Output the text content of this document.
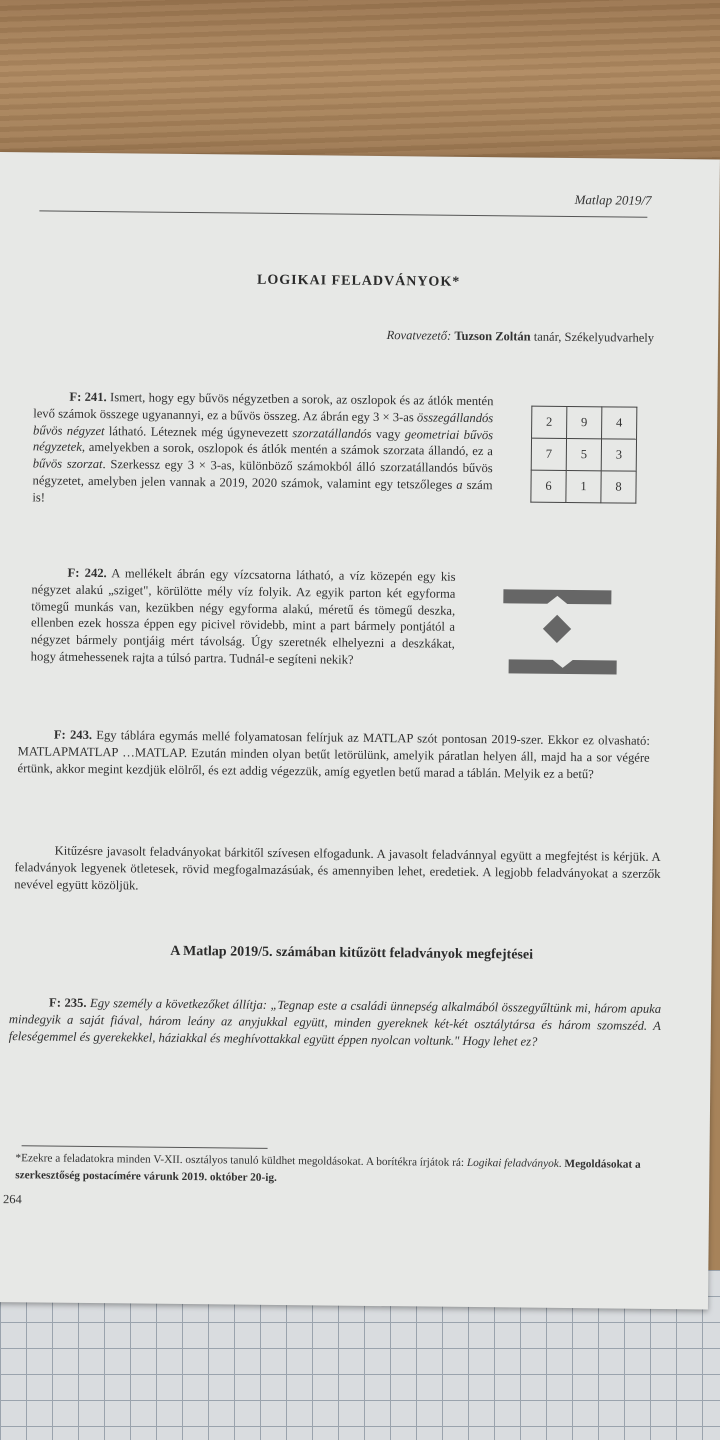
Matlap 2019/7
LOGIKAI FELADVÁNYOK*
Rovatvezető: Tuzson Zoltán tanár, Székelyudvarhely
F: 241. Ismert, hogy egy bűvös négyzetben a sorok, az oszlopok és az átlók mentén levő számok összege ugyanannyi, ez a bűvös összeg. Az ábrán egy 3 × 3-as összegállandós bűvös négyzet látható. Léteznek még úgynevezett szorzatállandós vagy geometriai bűvös négyzetek, amelyekben a sorok, oszlopok és átlók mentén a számok szorzata állandó, ez a bűvös szorzat. Szerkessz egy 3 × 3-as, különböző számokból álló szorzatállandós bűvös négyzetet, amelyben jelen vannak a 2019, 2020 számok, valamint egy tetszőleges a szám is!
2	9	4
7	5	3
6	1	8
F: 242. A mellékelt ábrán egy vízcsatorna látható, a víz közepén egy kis négyzet alakú „sziget", körülötte mély víz folyik. Az egyik parton két egyforma tömegű munkás van, kezükben négy egyforma alakú, méretű és tömegű deszka, ellenben ezek hossza éppen egy picivel rövidebb, mint a part bármely pontjától a négyzet bármely pontjáig mért távolság. Úgy szeretnék elhelyezni a deszkákat, hogy átmehessenek rajta a túlsó partra. Tudnál-e segíteni nekik?
F: 243. Egy táblára egymás mellé folyamatosan felírjuk az MATLAP szót pontosan 2019-szer. Ekkor ez olvasható: MATLAPMATLAP …MATLAP. Ezután minden olyan betűt letörülünk, amelyik páratlan helyen áll, majd ha a sor végére értünk, akkor megint kezdjük elölről, és ezt addig végezzük, amíg egyetlen betű marad a táblán. Melyik ez a betű?
Kitűzésre javasolt feladványokat bárkitől szívesen elfogadunk. A javasolt feladvánnyal együtt a megfejtést is kérjük. A feladványok legyenek ötletesek, rövid megfogalmazásúak, és amennyiben lehet, eredetiek. A legjobb feladványokat a szerzők nevével együtt közöljük.
A Matlap 2019/5. számában kitűzött feladványok megfejtései
F: 235. Egy személy a következőket állítja: „Tegnap este a családi ünnepség alkalmából összegyűltünk mi, három apuka mindegyik a saját fiával, három leány az anyjukkal együtt, minden gyereknek két-két osztálytársa és három szomszéd. A feleségemmel és gyerekekkel, háziakkal és meghívottakkal együtt éppen nyolcan voltunk." Hogy lehet ez?
*Ezekre a feladatokra minden V-XII. osztályos tanuló küldhet megoldásokat. A borítékra írjátok rá: Logikai feladványok. Megoldásokat a szerkesztőség postacímére várunk 2019. október 20-ig.
264
